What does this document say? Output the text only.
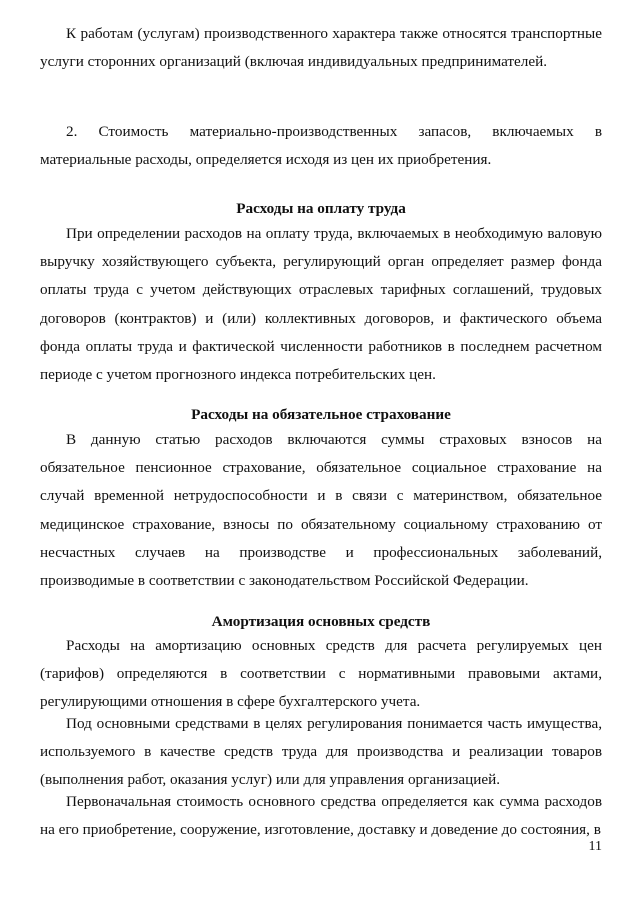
К работам (услугам) производственного характера также относятся транспортные услуги сторонних организаций (включая индивидуальных предпринимателей.

2. Стоимость материально-производственных запасов, включаемых в материальные расходы, определяется исходя из цен их приобретения.

Расходы на оплату труда

При определении расходов на оплату труда, включаемых в необходимую валовую выручку хозяйствующего субъекта, регулирующий орган определяет размер фонда оплаты труда с учетом действующих отраслевых тарифных соглашений, трудовых договоров (контрактов) и (или) коллективных договоров, и фактического объема фонда оплаты труда и фактической численности работников в последнем расчетном периоде с учетом прогнозного индекса потребительских цен.

Расходы на обязательное страхование

В данную статью расходов включаются суммы страховых взносов на обязательное пенсионное страхование, обязательное социальное страхование на случай временной нетрудоспособности и в связи с материнством, обязательное медицинское страхование, взносы по обязательному социальному страхованию от несчастных случаев на производстве и профессиональных заболеваний, производимые в соответствии с законодательством Российской Федерации.

Амортизация основных средств

Расходы на амортизацию основных средств для расчета регулируемых цен (тарифов) определяются в соответствии с нормативными правовыми актами, регулирующими отношения в сфере бухгалтерского учета.

Под основными средствами в целях регулирования понимается часть имущества, используемого в качестве средств труда для производства и реализации товаров (выполнения работ, оказания услуг) или для управления организацией.

Первоначальная стоимость основного средства определяется как сумма расходов на его приобретение, сооружение, изготовление, доставку и доведение до состояния, в

11
